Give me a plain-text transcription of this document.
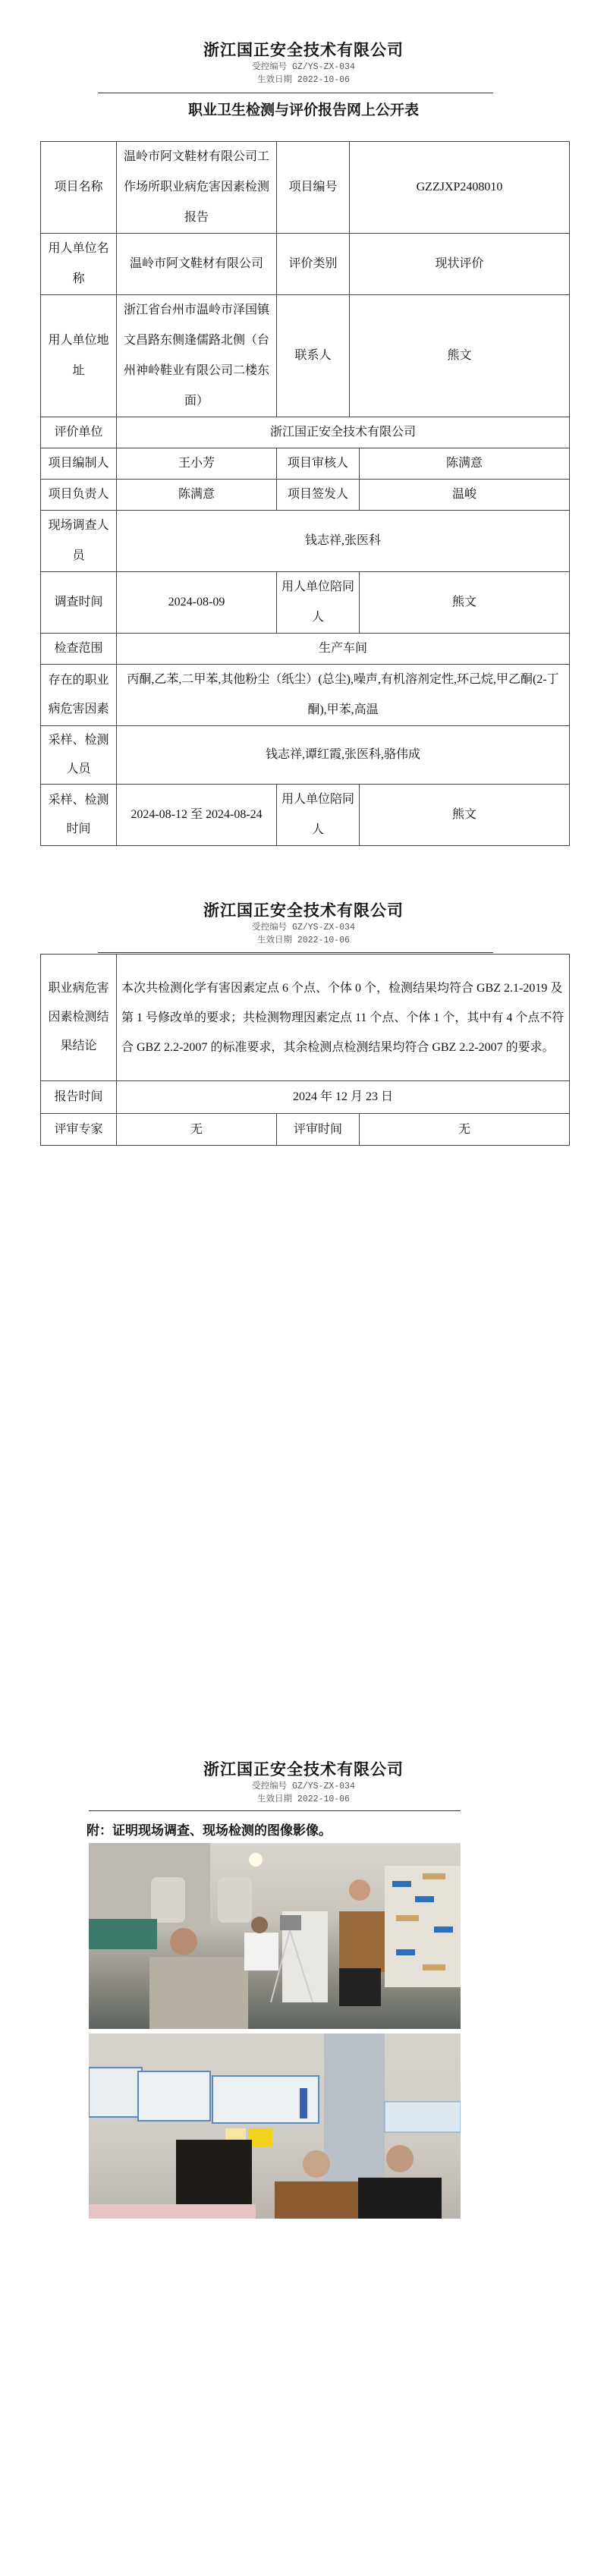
浙江国正安全技术有限公司
受控编号 GZ/YS-ZX-034
生效日期 2022-10-06
职业卫生检测与评价报告网上公开表
项目名称	温岭市阿文鞋材有限公司工作场所职业病危害因素检测报告	项目编号	GZZJXP2408010	
用人单位名称	温岭市阿文鞋材有限公司	评价类别	现状评价	
用人单位地址	浙江省台州市温岭市泽国镇文昌路东侧逢儒路北侧（台州神岭鞋业有限公司二楼东面）	联系人	熊文	
评价单位	浙江国正安全技术有限公司			
项目编制人	王小芳	项目审核人		陈满意
项目负责人	陈满意	项目签发人		温峻
现场调查人员	钱志祥,张医科			
调查时间	2024-08-09	用人单位陪同人		熊文
检查范围	生产车间			
存在的职业病危害因素	丙酮,乙苯,二甲苯,其他粉尘（纸尘）(总尘),噪声,有机溶剂定性,环己烷,甲乙酮(2-丁酮),甲苯,高温			
采样、检测人员	钱志祥,谭红霞,张医科,骆伟成			
采样、检测时间	2024-08-12 至 2024-08-24	用人单位陪同人		熊文
浙江国正安全技术有限公司
受控编号 GZ/YS-ZX-034
生效日期 2022-10-06
职业病危害因素检测结果结论	本次共检测化学有害因素定点 6 个点、个体 0 个，检测结果均符合 GBZ 2.1-2019 及第 1 号修改单的要求；共检测物理因素定点 11 个点、个体 1 个，其中有 4 个点不符合 GBZ 2.2-2007 的标准要求，其余检测点检测结果均符合 GBZ 2.2-2007 的要求。		
报告时间	2024 年 12 月 23 日		
评审专家	无	评审时间	无
浙江国正安全技术有限公司
受控编号 GZ/YS-ZX-034
生效日期 2022-10-06
附：证明现场调查、现场检测的图像影像。
